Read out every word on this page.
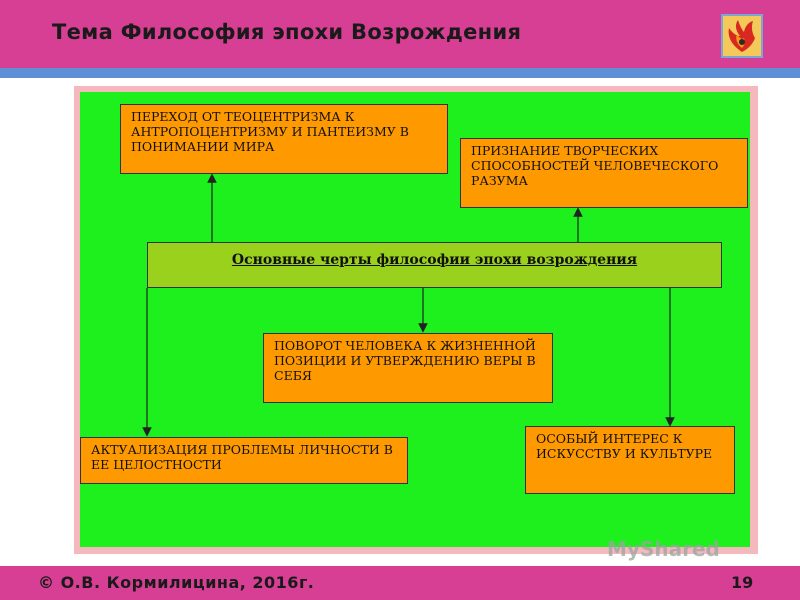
Тема Философия эпохи Возрождения
ПЕРЕХОД ОТ ТЕОЦЕНТРИЗМА К АНТРОПОЦЕНТРИЗМУ И ПАНТЕИЗМУ В ПОНИМАНИИ МИРА	ПРИЗНАНИЕ ТВОРЧЕСКИХ СПОСОБНОСТЕЙ ЧЕЛОВЕЧЕСКОГО РАЗУМА
Основные черты философии эпохи возрождения
ПОВОРОТ ЧЕЛОВЕКА К ЖИЗНЕННОЙ ПОЗИЦИИ И УТВЕРЖДЕНИЮ ВЕРЫ В СЕБЯ
АКТУАЛИЗАЦИЯ ПРОБЛЕМЫ ЛИЧНОСТИ В ЕЕ ЦЕЛОСТНОСТИ
ОСОБЫЙ ИНТЕРЕС К ИСКУССТВУ И КУЛЬТУРЕ
MyShared
© О.В. Кормилицина, 2016г.	19
